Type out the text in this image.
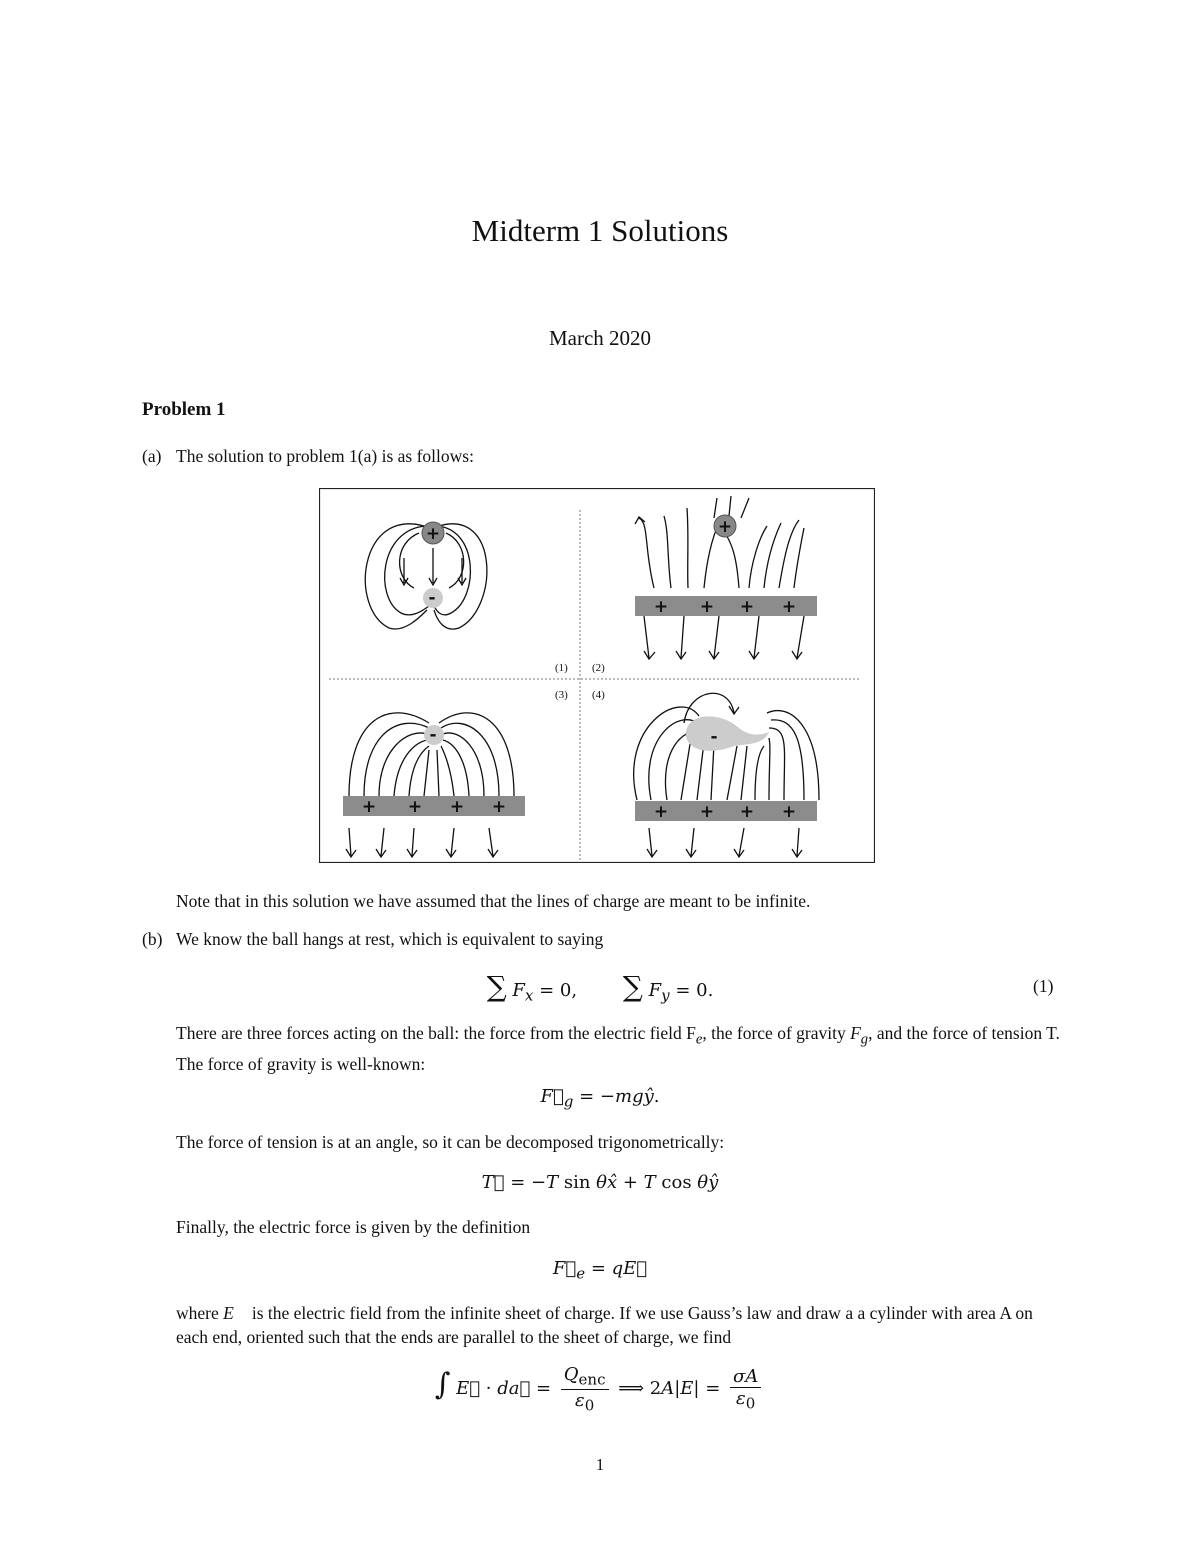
Midterm 1 Solutions
March 2020
Problem 1
(a) The solution to problem 1(a) is as follows:
+
-
+
+ + + +
-
+ + + +
-
+ + + +
(1) (2)
(3) (4)
Note that in this solution we have assumed that the lines of charge are meant to be infinite.
(b) We know the ball hangs at rest, which is equivalent to saying
∑ $F_x = 0$,        ∑ $F_y = 0$.	(1)
There are three forces acting on the ball: the force from the electric field $F_e$, the force of gravity $F_g$, and the force of tension T. The force of gravity is well-known:
$F⃗_g$ = −mgŷ.
The force of tension is at an angle, so it can be decomposed trigonometrically:
T⃗ = −T sin θx̂ + T cos θŷ
Finally, the electric force is given by the definition
$F⃗_e$ = qE⃗
where E⃗ is the electric field from the infinite sheet of charge. If we use Gauss’s law and draw a a cylinder with area A on each end, oriented such that the ends are parallel to the sheet of charge, we find
∫ E⃗ · da⃗ = $\frac{Q_{enc}}{\varepsilon_0}$ ⟹ $2A|E| = \frac{\sigma A}{\varepsilon_0}$
1
